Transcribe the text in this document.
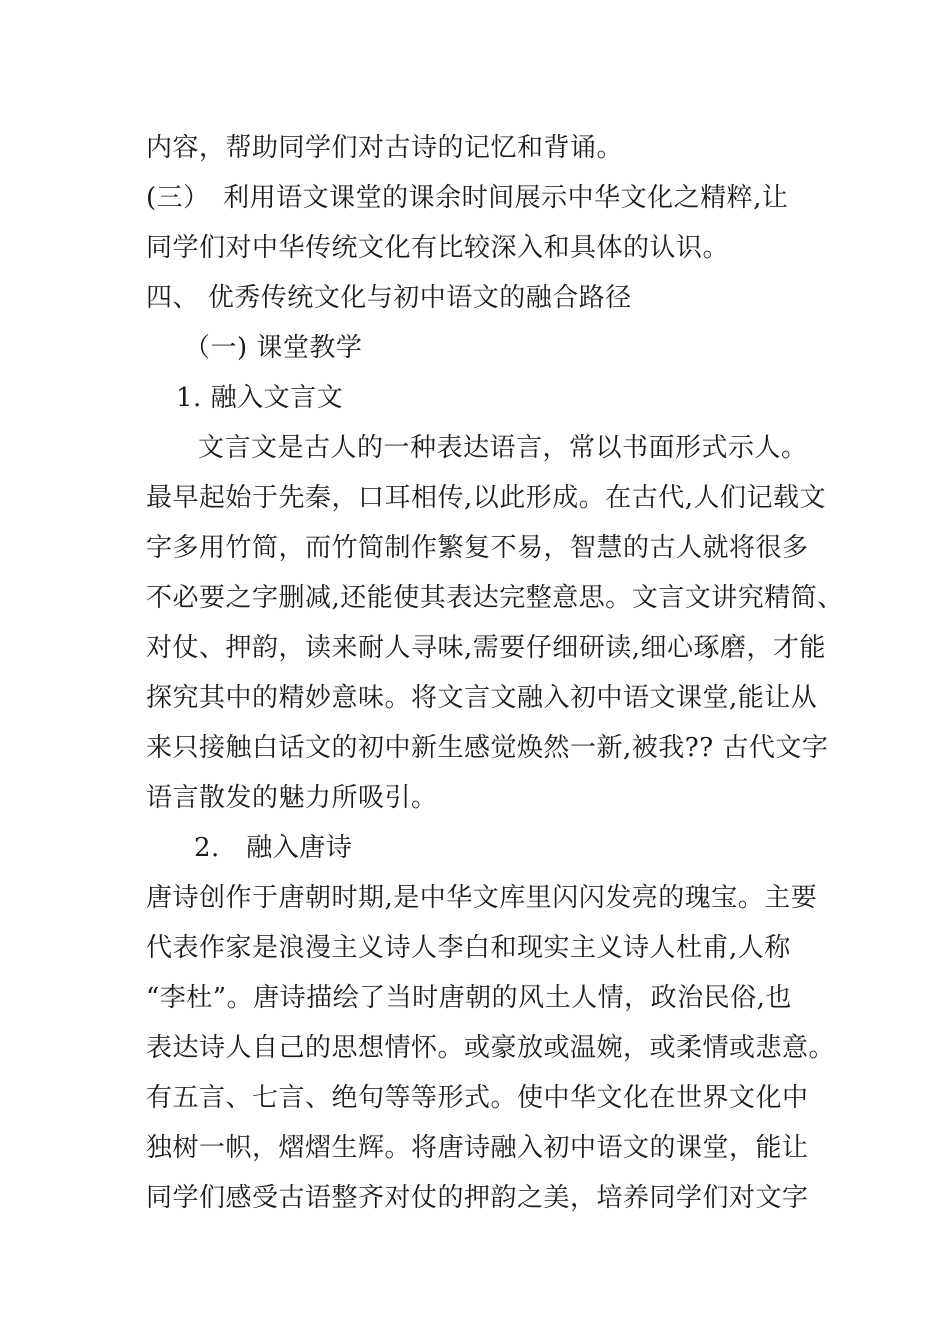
内容，帮助同学们对古诗的记忆和背诵。
(三）　利用语文课堂的课余时间展示中华文化之精粹,让
同学们对中华传统文化有比较深入和具体的认识。
四、 优秀传统文化与初中语文的融合路径
（一) 课堂教学
1. 融入文言文
文言文是古人的一种表达语言，常以书面形式示人。
最早起始于先秦，口耳相传,以此形成。在古代,人们记载文
字多用竹简，而竹简制作繁复不易，智慧的古人就将很多
不必要之字删减,还能使其表达完整意思。文言文讲究精简、
对仗、押韵，读来耐人寻味,需要仔细研读,细心琢磨，才能
探究其中的精妙意味。将文言文融入初中语文课堂,能让从
来只接触白话文的初中新生感觉焕然一新,被我?? 古代文字
语言散发的魅力所吸引。
2.　融入唐诗
唐诗创作于唐朝时期,是中华文库里闪闪发亮的瑰宝。主要
代表作家是浪漫主义诗人李白和现实主义诗人杜甫,人称
“李杜”。唐诗描绘了当时唐朝的风土人情，政治民俗,也
表达诗人自己的思想情怀。或豪放或温婉，或柔情或悲意。
有五言、七言、绝句等等形式。使中华文化在世界文化中
独树一帜，熠熠生辉。将唐诗融入初中语文的课堂，能让
同学们感受古语整齐对仗的押韵之美，培养同学们对文字
